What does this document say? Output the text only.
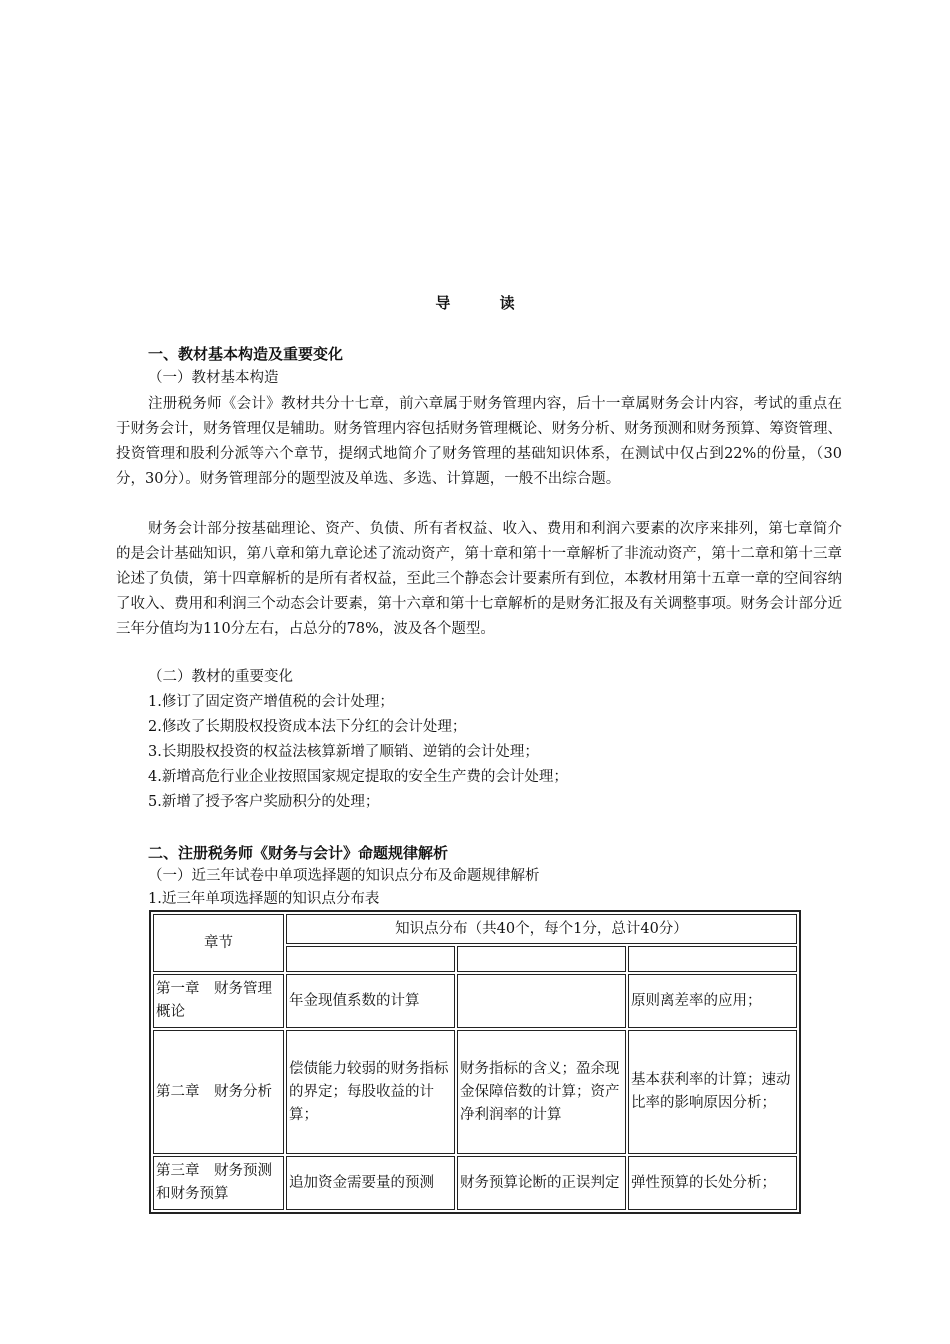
导 读
一、教材基本构造及重要变化
（一）教材基本构造
注册税务师《会计》教材共分十七章，前六章属于财务管理内容，后十一章属财务会计内容，考试的重点在于财务会计，财务管理仅是辅助。财务管理内容包括财务管理概论、财务分析、财务预测和财务预算、筹资管理、投资管理和股利分派等六个章节，提纲式地简介了财务管理的基础知识体系，在测试中仅占到22%的份量，（30分，30分）。财务管理部分的题型波及单选、多选、计算题，一般不出综合题。
财务会计部分按基础理论、资产、负债、所有者权益、收入、费用和利润六要素的次序来排列，第七章简介的是会计基础知识，第八章和第九章论述了流动资产，第十章和第十一章解析了非流动资产，第十二章和第十三章论述了负债，第十四章解析的是所有者权益，至此三个静态会计要素所有到位，本教材用第十五章一章的空间容纳了收入、费用和利润三个动态会计要素，第十六章和第十七章解析的是财务汇报及有关调整事项。财务会计部分近三年分值均为110分左右，占总分的78%，波及各个题型。
（二）教材的重要变化
1.修订了固定资产增值税的会计处理；
2.修改了长期股权投资成本法下分红的会计处理；
3.长期股权投资的权益法核算新增了顺销、逆销的会计处理；
4.新增高危行业企业按照国家规定提取的安全生产费的会计处理；
5.新增了授予客户奖励积分的处理；
二、注册税务师《财务与会计》命题规律解析
（一）近三年试卷中单项选择题的知识点分布及命题规律解析
1.近三年单项选择题的知识点分布表
章节	知识点分布（共40个，每个1分，总计40分）		

第一章　财务管理概论	年金现值系数的计算		原则离差率的应用；
第二章　财务分析	偿债能力较弱的财务指标的界定；每股收益的计算；	财务指标的含义；盈余现金保障倍数的计算；资产净利润率的计算	基本获利率的计算；速动比率的影响原因分析；
第三章　财务预测和财务预算	追加资金需要量的预测	财务预算论断的正误判定	弹性预算的长处分析；
